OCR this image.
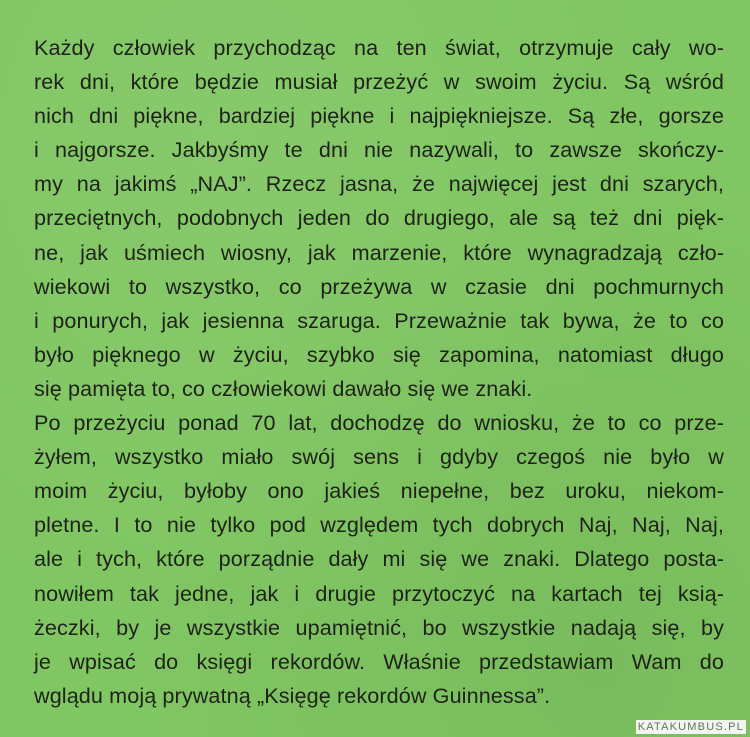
Każdy człowiek przychodząc na ten świat, otrzymuje cały wo-
rek dni, które będzie musiał przeżyć w swoim życiu. Są wśród
nich dni piękne, bardziej piękne i najpiękniejsze. Są złe, gorsze
i najgorsze. Jakbyśmy te dni nie nazywali, to zawsze skończy-
my na jakimś „NAJ”. Rzecz jasna, że najwięcej jest dni szarych,
przeciętnych, podobnych jeden do drugiego, ale są też dni pięk-
ne, jak uśmiech wiosny, jak marzenie, które wynagradzają czło-
wiekowi to wszystko, co przeżywa w czasie dni pochmurnych
i ponurych, jak jesienna szaruga. Przeważnie tak bywa, że to co
było pięknego w życiu, szybko się zapomina, natomiast długo
się pamięta to, co człowiekowi dawało się we znaki.
Po przeżyciu ponad 70 lat, dochodzę do wniosku, że to co prze-
żyłem, wszystko miało swój sens i gdyby czegoś nie było w
moim życiu, byłoby ono jakieś niepełne, bez uroku, niekom-
pletne. I to nie tylko pod względem tych dobrych Naj, Naj, Naj,
ale i tych, które porządnie dały mi się we znaki. Dlatego posta-
nowiłem tak jedne, jak i drugie przytoczyć na kartach tej ksią-
żeczki, by je wszystkie upamiętnić, bo wszystkie nadają się, by
je wpisać do księgi rekordów. Właśnie przedstawiam Wam do
wglądu moją prywatną „Księgę rekordów Guinnessa”.
KATAKUMBUS.PL
